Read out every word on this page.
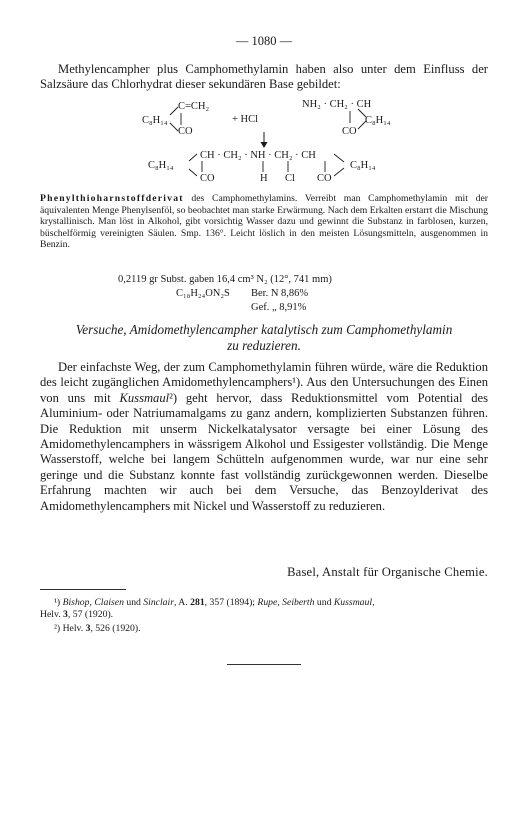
— 1080 —
Methylencampher plus Camphomethylamin haben also unter dem Einfluss der Salzsäure das Chlorhydrat dieser sekundären Base gebildet:
C₈H₁₄
C=CH₂
CO
+ HCl
NH₂ · CH₂ · CH
CO
C₈H₁₄
C₈H₁₄
CH · CH₂ · NH · CH₂ · CH
CO	H Cl CO
C₈H₁₄
Phenylthioharnstoffderivat des Camphomethylamins. Verreibt man Camphomethylamin mit der äquivalenten Menge Phenylsenföl, so beobachtet man starke Erwärmung. Nach dem Erkalten erstarrt die Mischung krystallinisch. Man löst in Alkohol, gibt vorsichtig Wasser dazu und gewinnt die Substanz in farblosen, kurzen, büschelförmig vereinigten Säulen. Smp. 136°. Leicht löslich in den meisten Lösungsmitteln, ausgenommen in Benzin.
0,2119 gr Subst. gaben 16,4 cm³ N₂ (12°, 741 mm)
C₁₈H₂₄ON₂S Ber. N 8,86%
Gef. „ 8,91%
Versuche, Amidomethylencampher katalytisch zum Camphomethylamin
zu reduzieren.
Der einfachste Weg, der zum Camphomethylamin führen würde, wäre die Reduktion des leicht zugänglichen Amidomethylencamphers¹). Aus den Untersuchungen des Einen von uns mit Kussmaul²) geht hervor, dass Reduktionsmittel vom Potential des Aluminium- oder Natriumamalgams zu ganz andern, komplizierten Substanzen führen. Die Reduktion mit unserm Nickelkatalysator versagte bei einer Lösung des Amidomethylencamphers in wässrigem Alkohol und Essigester vollständig. Die Menge Wasserstoff, welche bei langem Schütteln aufgenommen wurde, war nur eine sehr geringe und die Substanz konnte fast vollständig zurückgewonnen werden. Dieselbe Erfahrung machten wir auch bei dem Versuche, das Benzoylderivat des Amidomethylencamphers mit Nickel und Wasserstoff zu reduzieren.
Basel, Anstalt für Organische Chemie.
¹) Bishop, Claisen und Sinclair, A. 281, 357 (1894); Rupe, Seiberth und Kussmaul,
Helv. 3, 57 (1920).
²) Helv. 3, 526 (1920).
